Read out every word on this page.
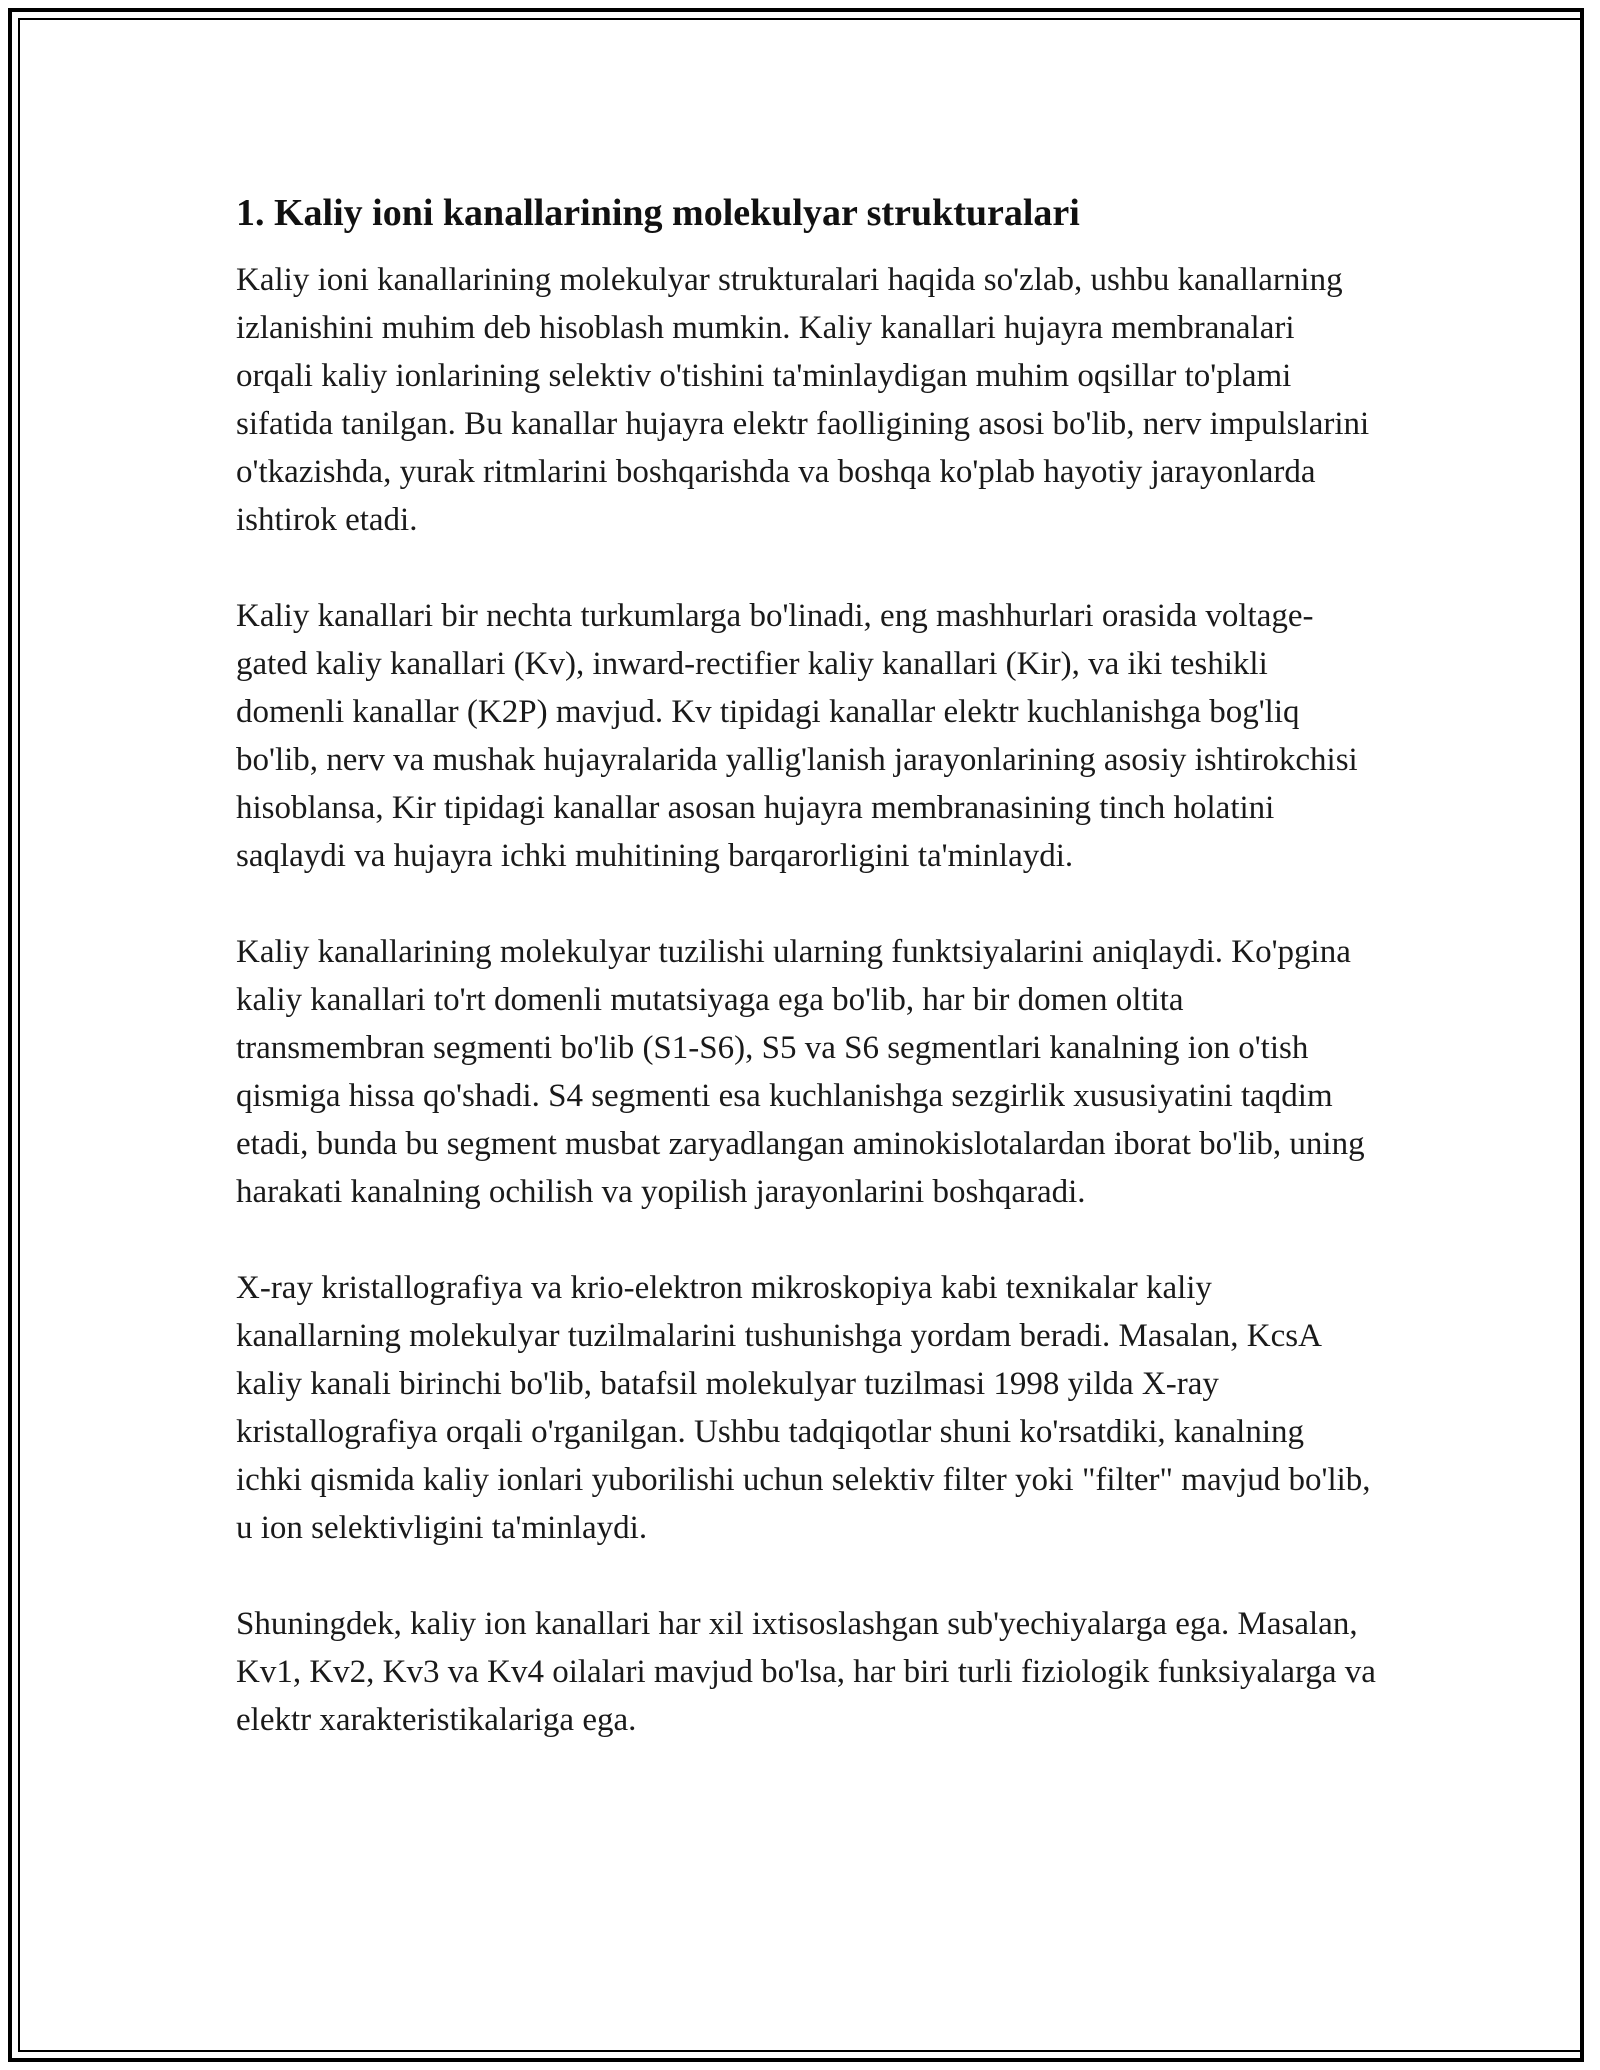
1. Kaliy ioni kanallarining molekulyar strukturalari

Kaliy ioni kanallarining molekulyar strukturalari haqida so'zlab, ushbu kanallarning izlanishini muhim deb hisoblash mumkin. Kaliy kanallari hujayra membranalari orqali kaliy ionlarining selektiv o'tishini ta'minlaydigan muhim oqsillar to'plami sifatida tanilgan. Bu kanallar hujayra elektr faolligining asosi bo'lib, nerv impulslarini o'tkazishda, yurak ritmlarini boshqarishda va boshqa ko'plab hayotiy jarayonlarda ishtirok etadi.

Kaliy kanallari bir nechta turkumlarga bo'linadi, eng mashhurlari orasida voltage-gated kaliy kanallari (Kv), inward-rectifier kaliy kanallari (Kir), va iki teshikli domenli kanallar (K2P) mavjud. Kv tipidagi kanallar elektr kuchlanishga bog'liq bo'lib, nerv va mushak hujayralarida yallig'lanish jarayonlarining asosiy ishtirokchisi hisoblansa, Kir tipidagi kanallar asosan hujayra membranasining tinch holatini saqlaydi va hujayra ichki muhitining barqarorligini ta'minlaydi.

Kaliy kanallarining molekulyar tuzilishi ularning funktsiyalarini aniqlaydi. Ko'pgina kaliy kanallari to'rt domenli mutatsiyaga ega bo'lib, har bir domen oltita transmembran segmenti bo'lib (S1-S6), S5 va S6 segmentlari kanalning ion o'tish qismiga hissa qo'shadi. S4 segmenti esa kuchlanishga sezgirlik xususiyatini taqdim etadi, bunda bu segment musbat zaryadlangan aminokislotalardan iborat bo'lib, uning harakati kanalning ochilish va yopilish jarayonlarini boshqaradi.

X-ray kristallografiya va krio-elektron mikroskopiya kabi texnikalar kaliy kanallarning molekulyar tuzilmalarini tushunishga yordam beradi. Masalan, KcsA kaliy kanali birinchi bo'lib, batafsil molekulyar tuzilmasi 1998 yilda X-ray kristallografiya orqali o'rganilgan. Ushbu tadqiqotlar shuni ko'rsatdiki, kanalning ichki qismida kaliy ionlari yuborilishi uchun selektiv filter yoki "filter" mavjud bo'lib, u ion selektivligini ta'minlaydi.

Shuningdek, kaliy ion kanallari har xil ixtisoslashgan sub'yechiyalarga ega. Masalan, Kv1, Kv2, Kv3 va Kv4 oilalari mavjud bo'lsa, har biri turli fiziologik funksiyalarga va elektr xarakteristikalariga ega.
